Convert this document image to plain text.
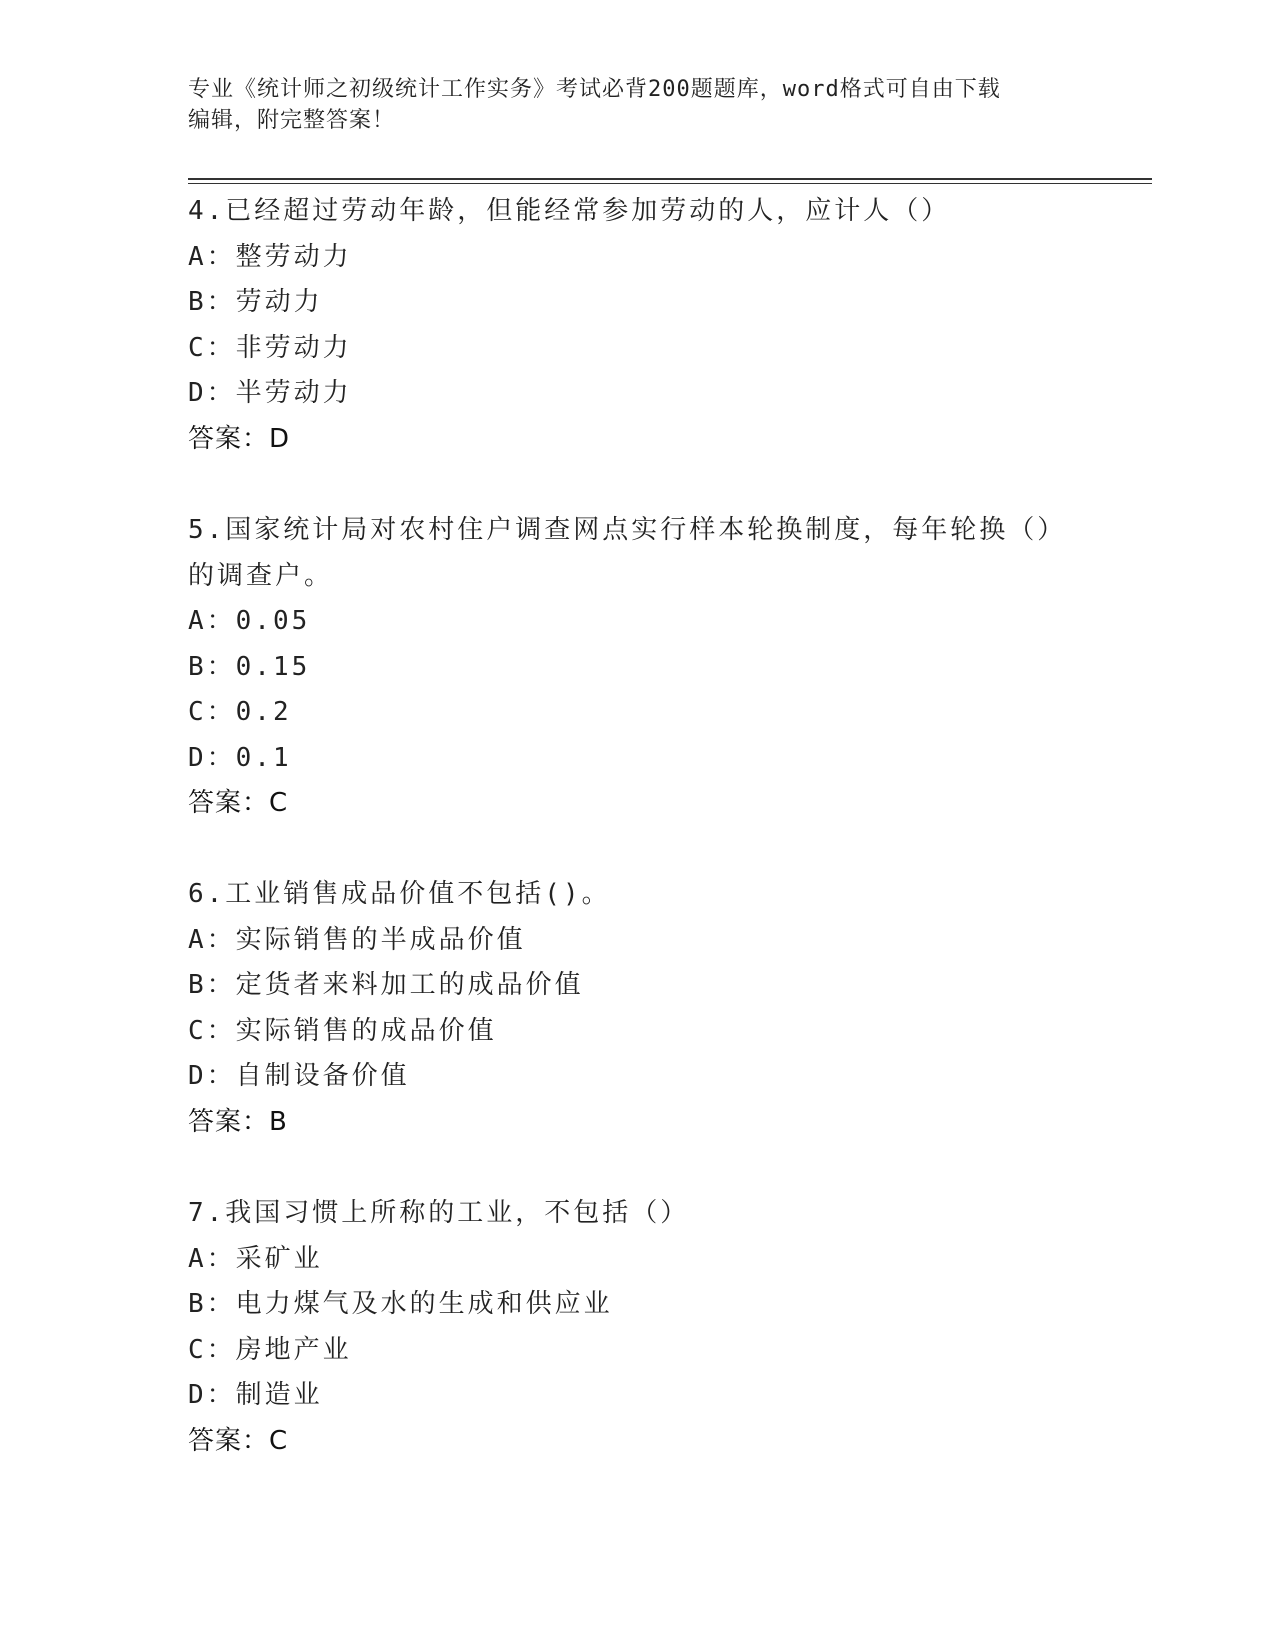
专业《统计师之初级统计工作实务》考试必背200题题库，word格式可自由下载
编辑，附完整答案！
4.已经超过劳动年龄，但能经常参加劳动的人，应计人（）
A：整劳动力
B：劳动力
C：非劳动力
D：半劳动力
答案：D
5.国家统计局对农村住户调查网点实行样本轮换制度，每年轮换（）
的调查户。
A：0.05
B：0.15
C：0.2
D：0.1
答案：C
6.工业销售成品价值不包括()。
A：实际销售的半成品价值
B：定货者来料加工的成品价值
C：实际销售的成品价值
D：自制设备价值
答案：B
7.我国习惯上所称的工业，不包括（）
A：采矿业
B：电力煤气及水的生成和供应业
C：房地产业
D：制造业
答案：C
